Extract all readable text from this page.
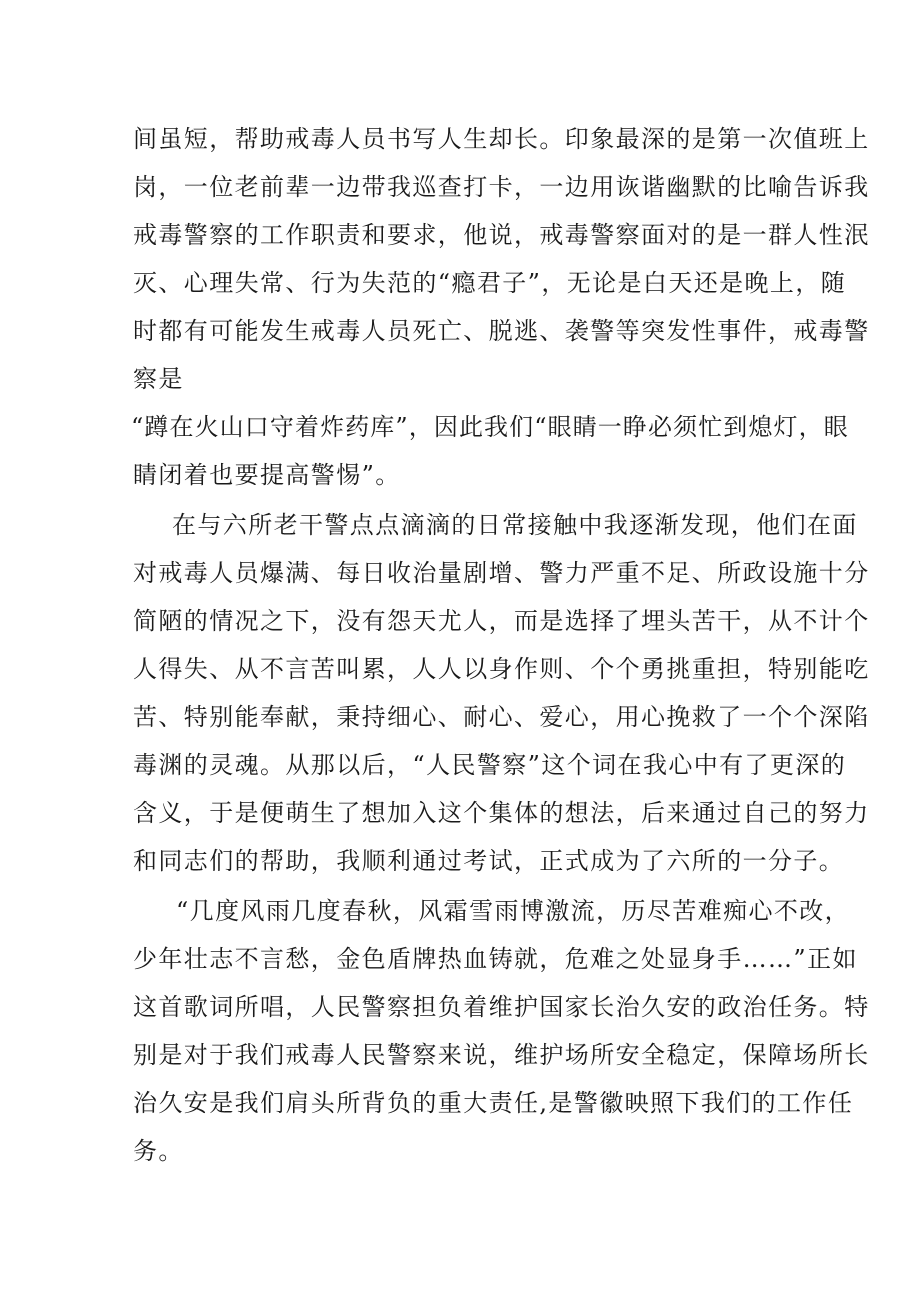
间虽短，帮助戒毒人员书写人生却长。印象最深的是第一次值班上
岗，一位老前辈一边带我巡查打卡，一边用诙谐幽默的比喻告诉我
戒毒警察的工作职责和要求，他说，戒毒警察面对的是一群人性泯
灭、心理失常、行为失范的“瘾君子”，无论是白天还是晚上，随
时都有可能发生戒毒人员死亡、脱逃、袭警等突发性事件，戒毒警
察是
“蹲在火山口守着炸药库”，因此我们“眼睛一睁必须忙到熄灯，眼
睛闭着也要提高警惕”。
在与六所老干警点点滴滴的日常接触中我逐渐发现，他们在面
对戒毒人员爆满、每日收治量剧增、警力严重不足、所政设施十分
简陋的情况之下，没有怨天尤人，而是选择了埋头苦干，从不计个
人得失、从不言苦叫累，人人以身作则、个个勇挑重担，特别能吃
苦、特别能奉献，秉持细心、耐心、爱心，用心挽救了一个个深陷
毒渊的灵魂。从那以后，“人民警察”这个词在我心中有了更深的
含义，于是便萌生了想加入这个集体的想法，后来通过自己的努力
和同志们的帮助，我顺利通过考试，正式成为了六所的一分子。
“几度风雨几度春秋，风霜雪雨博激流，历尽苦难痴心不改，
少年壮志不言愁，金色盾牌热血铸就，危难之处显身手……”正如
这首歌词所唱，人民警察担负着维护国家长治久安的政治任务。特
别是对于我们戒毒人民警察来说，维护场所安全稳定，保障场所长
治久安是我们肩头所背负的重大责任,是警徽映照下我们的工作任
务。
